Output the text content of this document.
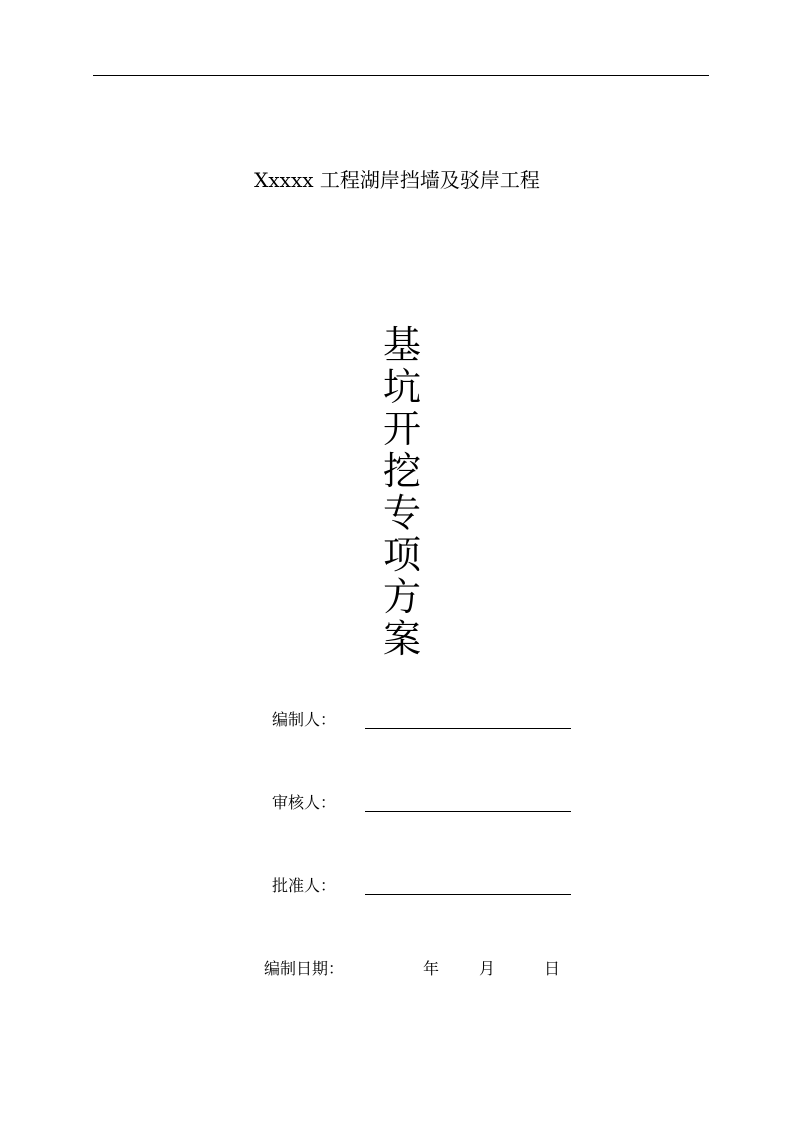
Xxxxx 工程湖岸挡墙及驳岸工程
基
坑
开
挖
专
项
方
案
编制人：
审核人：
批准人：
编制日期：	年 月	日
